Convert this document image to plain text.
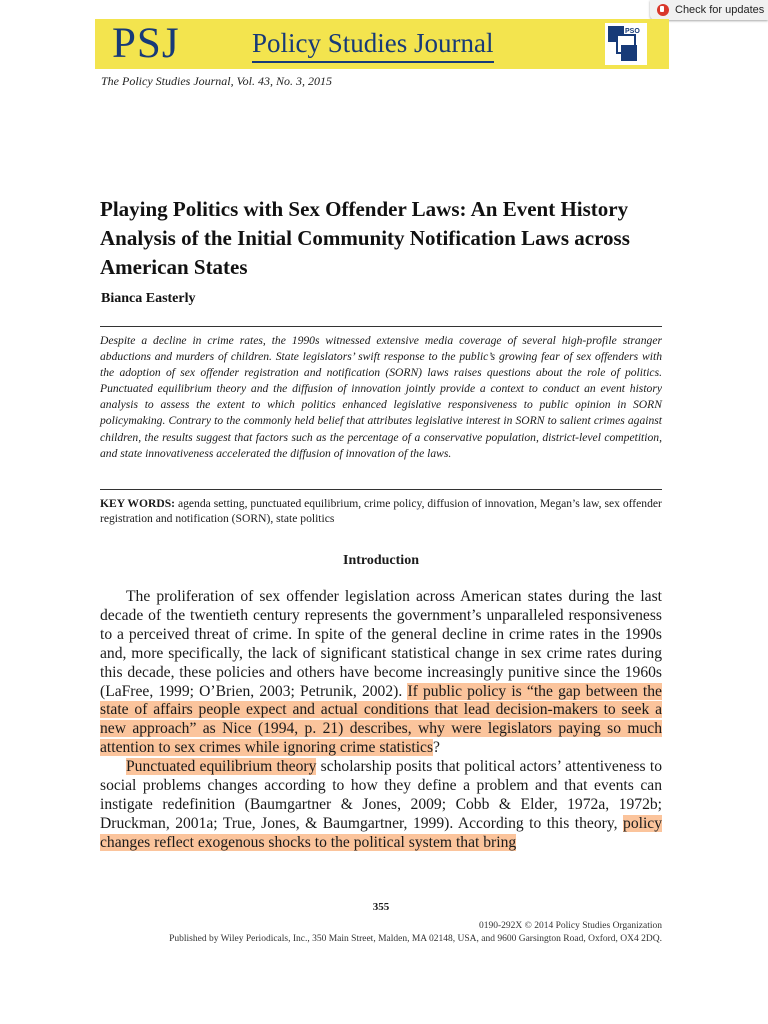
Check for updates
PSJ	Policy Studies Journal	PSO
The Policy Studies Journal, Vol. 43, No. 3, 2015
Playing Politics with Sex Offender Laws: An Event History Analysis of the Initial Community Notification Laws across American States
Bianca Easterly
Despite a decline in crime rates, the 1990s witnessed extensive media coverage of several high-profile stranger abductions and murders of children. State legislators’ swift response to the public’s growing fear of sex offenders with the adoption of sex offender registration and notification (SORN) laws raises questions about the role of politics. Punctuated equilibrium theory and the diffusion of innovation jointly provide a context to conduct an event history analysis to assess the extent to which politics enhanced legislative responsiveness to public opinion in SORN policymaking. Contrary to the commonly held belief that attributes legislative interest in SORN to salient crimes against children, the results suggest that factors such as the percentage of a conservative population, district-level competition, and state innovativeness accelerated the diffusion of innovation of the laws.
KEY WORDS: agenda setting, punctuated equilibrium, crime policy, diffusion of innovation, Megan’s law, sex offender registration and notification (SORN), state politics
Introduction

The proliferation of sex offender legislation across American states during the last decade of the twentieth century represents the government’s unparalleled responsiveness to a perceived threat of crime. In spite of the general decline in crime rates in the 1990s and, more specifically, the lack of significant statistical change in sex crime rates during this decade, these policies and others have become increasingly punitive since the 1960s (LaFree, 1999; O’Brien, 2003; Petrunik, 2002). If public policy is “the gap between the state of affairs people expect and actual conditions that lead decision-makers to seek a new approach” as Nice (1994, p. 21) describes, why were legislators paying so much attention to sex crimes while ignoring crime statistics?

Punctuated equilibrium theory scholarship posits that political actors’ attentiveness to social problems changes according to how they define a problem and that events can instigate redefinition (Baumgartner & Jones, 2009; Cobb & Elder, 1972a, 1972b; Druckman, 2001a; True, Jones, & Baumgartner, 1999). According to this theory, policy changes reflect exogenous shocks to the political system that bring

355
0190-292X © 2014 Policy Studies Organization
Published by Wiley Periodicals, Inc., 350 Main Street, Malden, MA 02148, USA, and 9600 Garsington Road, Oxford, OX4 2DQ.
